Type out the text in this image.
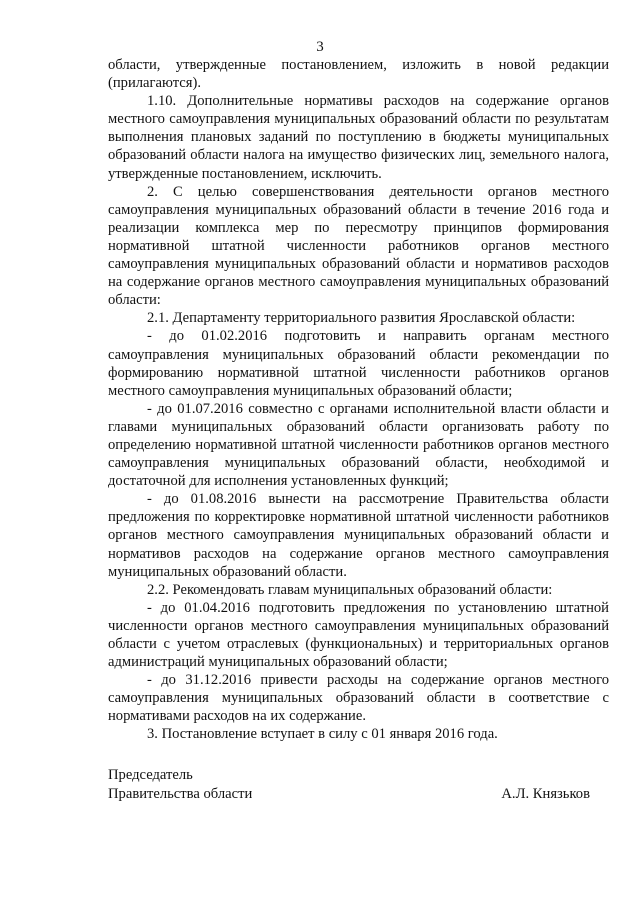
3

области, утвержденные постановлением, изложить в новой редакции (прилагаются).

1.10. Дополнительные нормативы расходов на содержание органов местного самоуправления муниципальных образований области по результатам выполнения плановых заданий по поступлению в бюджеты муниципальных образований области налога на имущество физических лиц, земельного налога, утвержденные постановлением, исключить.

2. С целью совершенствования деятельности органов местного самоуправления муниципальных образований области в течение 2016 года и реализации комплекса мер по пересмотру принципов формирования нормативной штатной численности работников органов местного самоуправления муниципальных образований области и нормативов расходов на содержание органов местного самоуправления муниципальных образований области:

2.1. Департаменту территориального развития Ярославской области:

- до 01.02.2016 подготовить и направить органам местного самоуправления муниципальных образований области рекомендации по формированию нормативной штатной численности работников органов местного самоуправления муниципальных образований области;

- до 01.07.2016 совместно с органами исполнительной власти области и главами муниципальных образований области организовать работу по определению нормативной штатной численности работников органов местного самоуправления муниципальных образований области, необходимой и достаточной для исполнения установленных функций;

- до 01.08.2016 вынести на рассмотрение Правительства области предложения по корректировке нормативной штатной численности работников органов местного самоуправления муниципальных образований области и нормативов расходов на содержание органов местного самоуправления муниципальных образований области.

2.2. Рекомендовать главам муниципальных образований области:

- до 01.04.2016 подготовить предложения по установлению штатной численности органов местного самоуправления муниципальных образований области с учетом отраслевых (функциональных) и территориальных органов администраций муниципальных образований области;

- до 31.12.2016 привести расходы на содержание органов местного самоуправления муниципальных образований области в соответствие с нормативами расходов на их содержание.

3. Постановление вступает в силу с 01 января 2016 года.

Председатель
Правительства области	А.Л. Князьков
